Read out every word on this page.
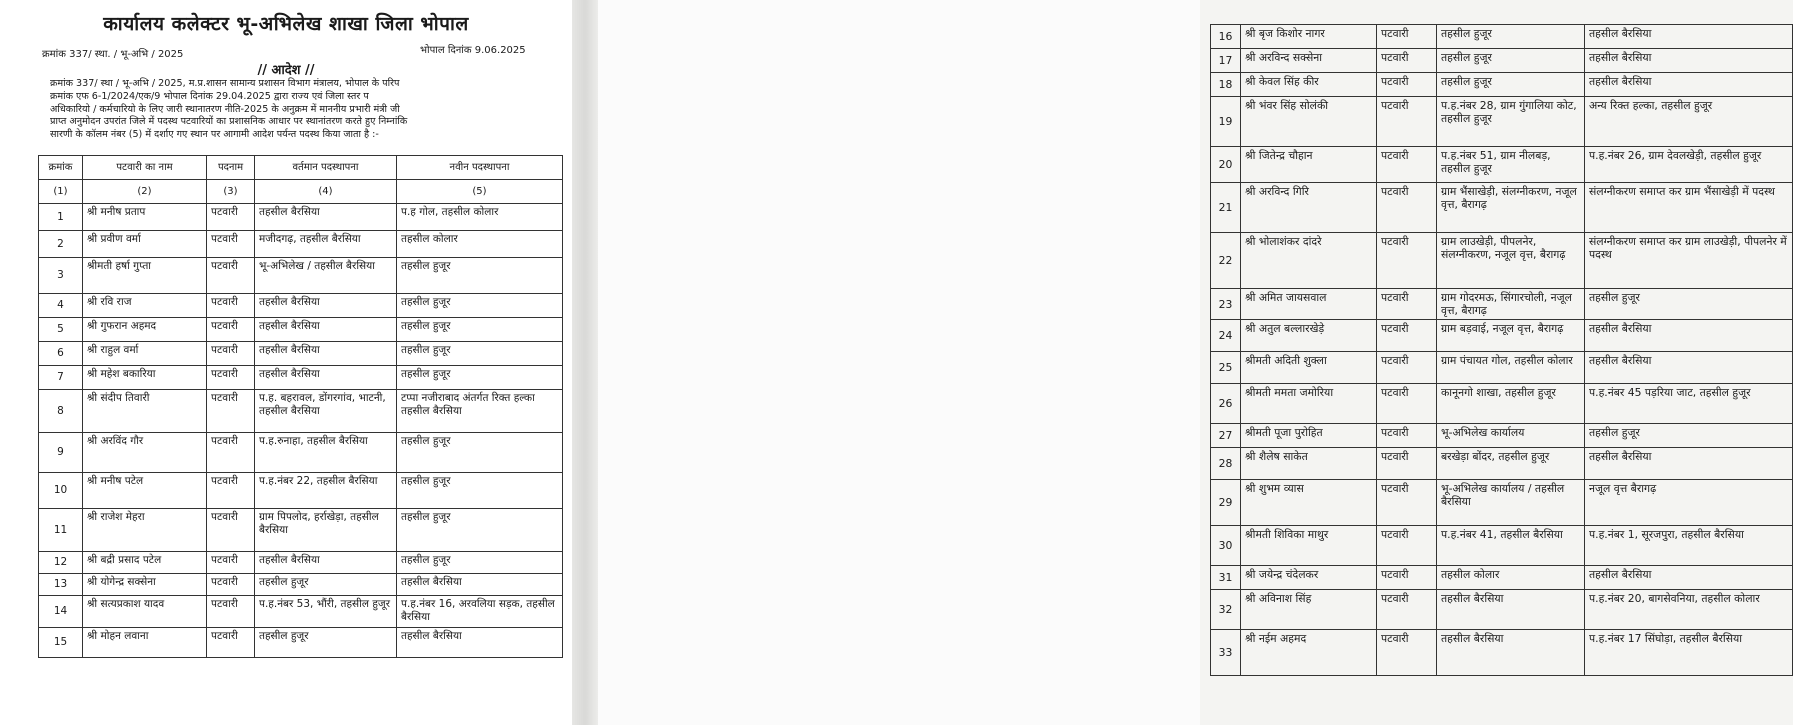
कार्यालय कलेक्टर भू-अभिलेख शाखा जिला भोपाल
क्रमांक 337/ स्था. / भू-अभि / 2025	भोपाल दिनांक 9.06.2025
// आदेश //
क्रमांक 337/ स्था / भू-अभि / 2025, म.प्र.शासन सामान्य प्रशासन विभाग मंत्रालय, भोपाल के परिप
क्रमांक एफ 6-1/2024/एक/9 भोपाल दिनांक 29.04.2025 द्वारा राज्य एवं जिला स्तर प
अधिकारियो / कर्मचारियो के लिए जारी स्थानातरण नीति-2025 के अनुक्रम में माननीय प्रभारी मंत्री जी
प्राप्त अनुमोदन उपरांत जिले में पदस्थ पटवारियों का प्रशासनिक आधार पर स्थानांतरण करते हुए निम्नांकि
सारणी के कॉलम नंबर (5) में दर्शाए गए स्थान पर आगामी आदेश पर्यन्त पदस्थ किया जाता है :-
क्रमांक	पटवारी का नाम	पदनाम	वर्तमान पदस्थापना	नवीन पदस्थापना
(1)	(2)	(3)	(4)	(5)
1	श्री मनीष प्रताप	पटवारी	तहसील बैरसिया	प.ह गोल, तहसील कोलार
2	श्री प्रवीण वर्मा	पटवारी	मजीदगढ़, तहसील बैरसिया	तहसील कोलार
3	श्रीमती हर्षा गुप्ता	पटवारी	भू-अभिलेख / तहसील बैरसिया	तहसील हुजूर
4	श्री रवि राज	पटवारी	तहसील बैरसिया	तहसील हुजूर
5	श्री गुफरान अहमद	पटवारी	तहसील बैरसिया	तहसील हुजूर
6	श्री राहुल वर्मा	पटवारी	तहसील बैरसिया	तहसील हुजूर
7	श्री महेश बकारिया	पटवारी	तहसील बैरसिया	तहसील हुजूर
8	श्री संदीप तिवारी	पटवारी	प.ह. बहरावल, डोंगरगांव, भाटनी, तहसील बैरसिया	टप्पा नजीराबाद अंतर्गत रिक्त हल्का तहसील बैरसिया
9	श्री अरविंद गौर	पटवारी	प.ह.रुनाहा, तहसील बैरसिया	तहसील हुजूर
10	श्री मनीष पटेल	पटवारी	प.ह.नंबर 22, तहसील बैरसिया	तहसील हुजूर
11	श्री राजेश मेहरा	पटवारी	ग्राम पिपलोद, हर्राखेड़ा, तहसील बैरसिया	तहसील हुजूर
12	श्री बद्री प्रसाद पटेल	पटवारी	तहसील बैरसिया	तहसील हुजूर
13	श्री योगेन्द्र सक्सेना	पटवारी	तहसील हुजूर	तहसील बैरसिया
14	श्री सत्यप्रकाश यादव	पटवारी	प.ह.नंबर 53, भौंरी, तहसील हुजूर	प.ह.नंबर 16, अरवलिया सड़क, तहसील बैरसिया
15	श्री मोहन लवाना	पटवारी	तहसील हुजूर	तहसील बैरसिया
16	श्री बृज किशोर नागर	पटवारी	तहसील हुजूर	तहसील बैरसिया
17	श्री अरविन्द सक्सेना	पटवारी	तहसील हुजूर	तहसील बैरसिया
18	श्री केवल सिंह कीर	पटवारी	तहसील हुजूर	तहसील बैरसिया
19	श्री भंवर सिंह सोलंकी	पटवारी	प.ह.नंबर 28, ग्राम गुंगालिया कोट, तहसील हुजूर	अन्य रिक्त हल्का, तहसील हुजूर
20	श्री जितेन्द्र चौहान	पटवारी	प.ह.नंबर 51, ग्राम नीलबड़, तहसील हुजूर	प.ह.नंबर 26, ग्राम देवलखेड़ी, तहसील हुजूर
21	श्री अरविन्द गिरि	पटवारी	ग्राम भैंसाखेड़ी, संलग्नीकरण, नजूल वृत्त, बैरागढ़	संलग्नीकरण समाप्त कर ग्राम भैंसाखेड़ी में पदस्थ
22	श्री भोलाशंकर दांदरे	पटवारी	ग्राम लाउखेड़ी, पीपलनेर, संलग्नीकरण, नजूल वृत्त, बैरागढ़	संलग्नीकरण समाप्त कर ग्राम लाउखेड़ी, पीपलनेर में पदस्थ
23	श्री अमित जायसवाल	पटवारी	ग्राम गोदरमऊ, सिंगारचोली, नजूल वृत्त, बैरागढ़	तहसील हुजूर
24	श्री अतुल बल्लारखेड़े	पटवारी	ग्राम बड़वाई, नजूल वृत्त, बैरागढ़	तहसील बैरसिया
25	श्रीमती अदिती शुक्ला	पटवारी	ग्राम पंचायत गोल, तहसील कोलार	तहसील बैरसिया
26	श्रीमती ममता जमोरिया	पटवारी	कानूनगो शाखा, तहसील हुजूर	प.ह.नंबर 45 पड़रिया जाट, तहसील हुजूर
27	श्रीमती पूजा पुरोहित	पटवारी	भू-अभिलेख कार्यालय	तहसील हुजूर
28	श्री शैलेष साकेत	पटवारी	बरखेड़ा बोंदर, तहसील हुजूर	तहसील बैरसिया
29	श्री शुभम व्यास	पटवारी	भू-अभिलेख कार्यालय / तहसील बैरसिया	नजूल वृत्त बैरागढ़
30	श्रीमती शिविका माथुर	पटवारी	प.ह.नंबर 41, तहसील बैरसिया	प.ह.नंबर 1, सूरजपुरा, तहसील बैरसिया
31	श्री जयेन्द्र चंदेलकर	पटवारी	तहसील कोलार	तहसील बैरसिया
32	श्री अविनाश सिंह	पटवारी	तहसील बैरसिया	प.ह.नंबर 20, बागसेवनिया, तहसील कोलार
33	श्री नईम अहमद	पटवारी	तहसील बैरसिया	प.ह.नंबर 17 सिंघोड़ा, तहसील बैरसिया
